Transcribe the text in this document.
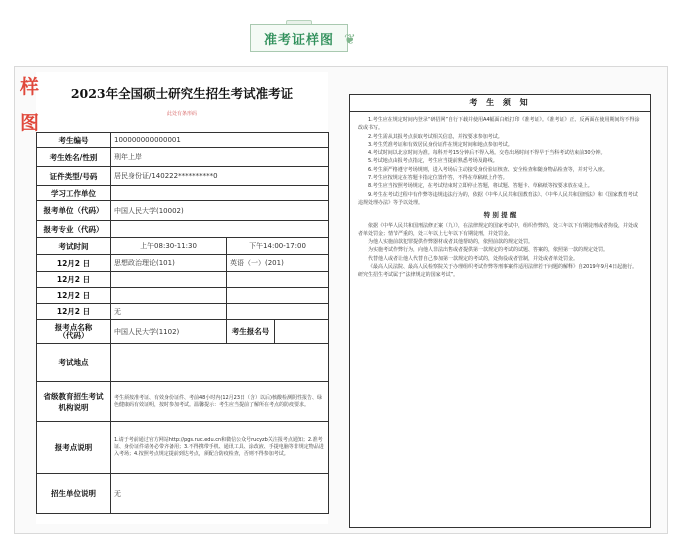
准考证样图 ❦
2023年全国硕士研究生招生考试准考证
此处有条形码
考生编号	100000000000001		
考生姓名/性别	刑年上岸		
证件类型/号码	居民身份证/140222**********0		
学习工作单位			
报考单位（代码）	中国人民大学(10002)		
报考专业（代码）			
考试时间	上午08:30-11:30	下午14:00-17:00	
12月2 日	思想政治理论(101)	英语（一）(201)	
12月2 日			
12月2 日			
12月2 日	无		
报考点名称
（代码）	中国人民大学(1102)	考生报名号	
考试地点			
省级教育招生考试机构说明	考生须按准考证、有效身份证件、考前48小时内(12月23日（含）以后)核酸检测阴性报告、绿色健康码有效证明，按时参加考试。温馨提示：考生应当提前了解所在考点的防疫要求。		
报考点说明	1.请于考前通过官方网站http://pgs.ruc.edu.cn和微信公众号rucyzb关注报考点通知；2.准考证、身份证件请务必带齐备用；3.不得携带手机、通讯工具、涂改液、手提电脑等非规定物品进入考场；4.按照考点规定提前到达考点，须配合防疫检查，否则不得参加考试。		
招生单位说明	无		
样
图
考 生 须 知

1.考生应在规定时间内登录“研招网”自行下载并使用A4幅面白纸打印《准考证》。《准考证》正、反两面在使用期间均不得涂改或书写。

2.考生需从其报考点获取考试相关信息，并按要求参加考试。

3.考生凭准考证和有效居民身份证件在规定时间和地点参加考试。

4.考试时间以北京时间为准。每科开考15分钟后不得入场。交卷出场时间不得早于当科考试结束前30分钟。

5.考试地点由报考点指定，考生应当提前熟悉考场及路线。

6.考生须严格遵守考场规则，进入考场后主动接受身份验证核查、安全检查和随身物品检查等，并对号入座。

7.考生应按规定在答题卡指定位置作答，不得在草稿纸上作答。

8.考生应当按照考场规定，在考试结束时立即停止答题，将试题、答题卡、草稿纸等按要求放在桌上。

9.考生在考试过程中有作弊等违规违法行为的，依据《中华人民共和国教育法》、《中华人民共和国刑法》和《国家教育考试违规处理办法》等予以处理。

特 别 提 醒

依据《中华人民共和国刑法修正案（九）》，在法律规定的国家考试中，组织作弊的，处三年以下有期徒刑或者拘役，并处或者单处罚金；情节严重的，处三年以上七年以下有期徒刑，并处罚金。

为他人实施前款犯罪提供作弊器材或者其他帮助的，依照前款的规定处罚。

为实施考试作弊行为，向他人非法出售或者提供第一款规定的考试的试题、答案的，依照第一款的规定处罚。

代替他人或者让他人代替自己参加第一款规定的考试的，处拘役或者管制，并处或者单处罚金。

《最高人民法院、最高人民检察院关于办理组织考试作弊等刑事案件适用法律若干问题的解释》自2019年9月4日起施行。研究生招生考试属于“法律规定的国家考试”。
